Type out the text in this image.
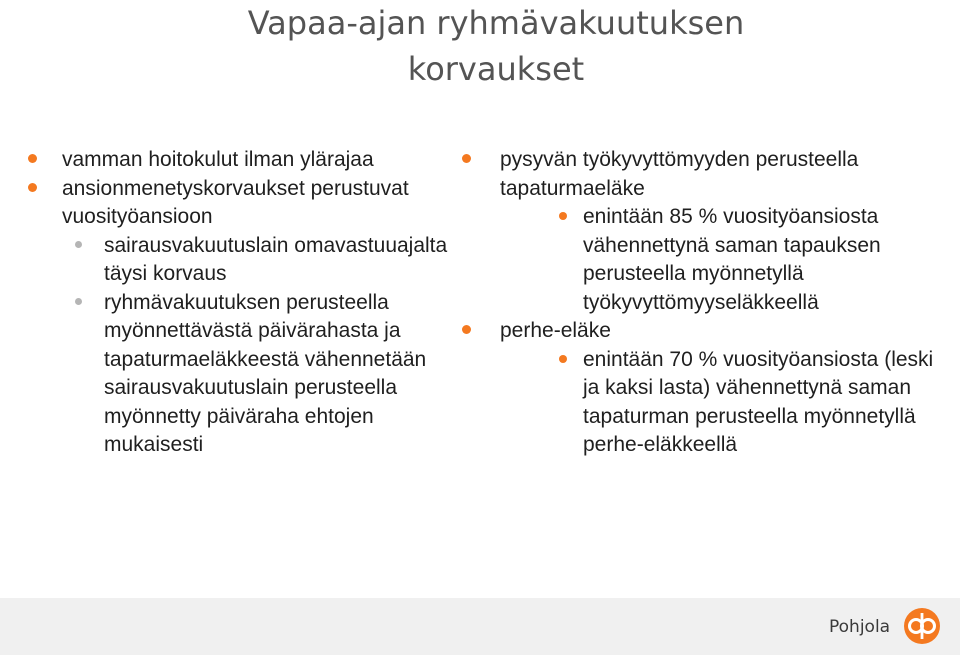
Vapaa-ajan ryhmävakuutuksen
korvaukset
vamman hoitokulut ilman ylärajaa
ansionmenetyskorvaukset perustuvat vuosityöansioon
sairausvakuutuslain omavastuuajalta täysi korvaus
ryhmävakuutuksen perusteella myönnettävästä päivärahasta ja tapaturmaeläkkeestä vähennetään sairausvakuutuslain perusteella myönnetty päiväraha ehtojen mukaisesti
pysyvän työkyvyttömyyden perusteella tapaturmaeläke
enintään 85 % vuosityöansiosta vähennettynä saman tapauksen perusteella myönnetyllä työkyvyttömyyseläkkeellä
perhe-eläke
enintään 70 % vuosityöansiosta (leski ja kaksi lasta) vähennettynä saman tapaturman perusteella myönnetyllä perhe-eläkkeellä
Pohjola
